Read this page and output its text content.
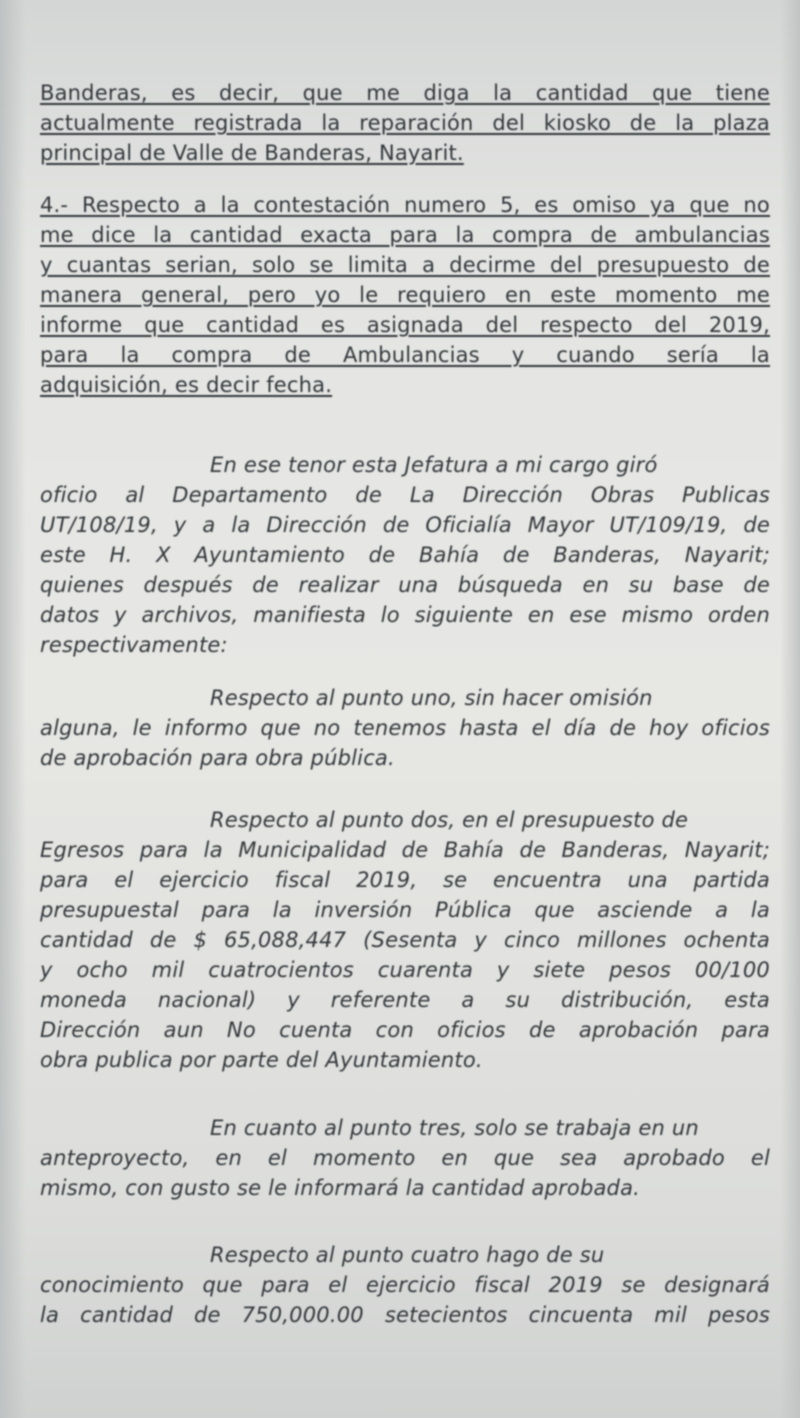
Banderas, es decir, que me diga la cantidad que tiene
actualmente registrada la reparación del kiosko de la plaza
principal de Valle de Banderas, Nayarit.
4.- Respecto a la contestación numero 5, es omiso ya que no
me dice la cantidad exacta para la compra de ambulancias
y cuantas serian, solo se limita a decirme del presupuesto de
manera general, pero yo le requiero en este momento me
informe que cantidad es asignada del respecto del 2019,
para la compra de Ambulancias y cuando sería la
adquisición, es decir fecha.
En ese tenor esta Jefatura a mi cargo giró
oficio al Departamento de La Dirección Obras Publicas
UT/108/19, y a la Dirección de Oficialía Mayor UT/109/19, de
este H. X Ayuntamiento de Bahía de Banderas, Nayarit;
quienes después de realizar una búsqueda en su base de
datos y archivos, manifiesta lo siguiente en ese mismo orden
respectivamente:
Respecto al punto uno, sin hacer omisión
alguna, le informo que no tenemos hasta el día de hoy oficios
de aprobación para obra pública.
Respecto al punto dos, en el presupuesto de
Egresos para la Municipalidad de Bahía de Banderas, Nayarit;
para el ejercicio fiscal 2019, se encuentra una partida
presupuestal para la inversión Pública que asciende a la
cantidad de $ 65,088,447 (Sesenta y cinco millones ochenta
y ocho mil cuatrocientos cuarenta y siete pesos 00/100
moneda nacional) y referente a su distribución, esta
Dirección aun No cuenta con oficios de aprobación para
obra publica por parte del Ayuntamiento.
En cuanto al punto tres, solo se trabaja en un
anteproyecto, en el momento en que sea aprobado el
mismo, con gusto se le informará la cantidad aprobada.
Respecto al punto cuatro hago de su
conocimiento que para el ejercicio fiscal 2019 se designará
la cantidad de 750,000.00 setecientos cincuenta mil pesos
